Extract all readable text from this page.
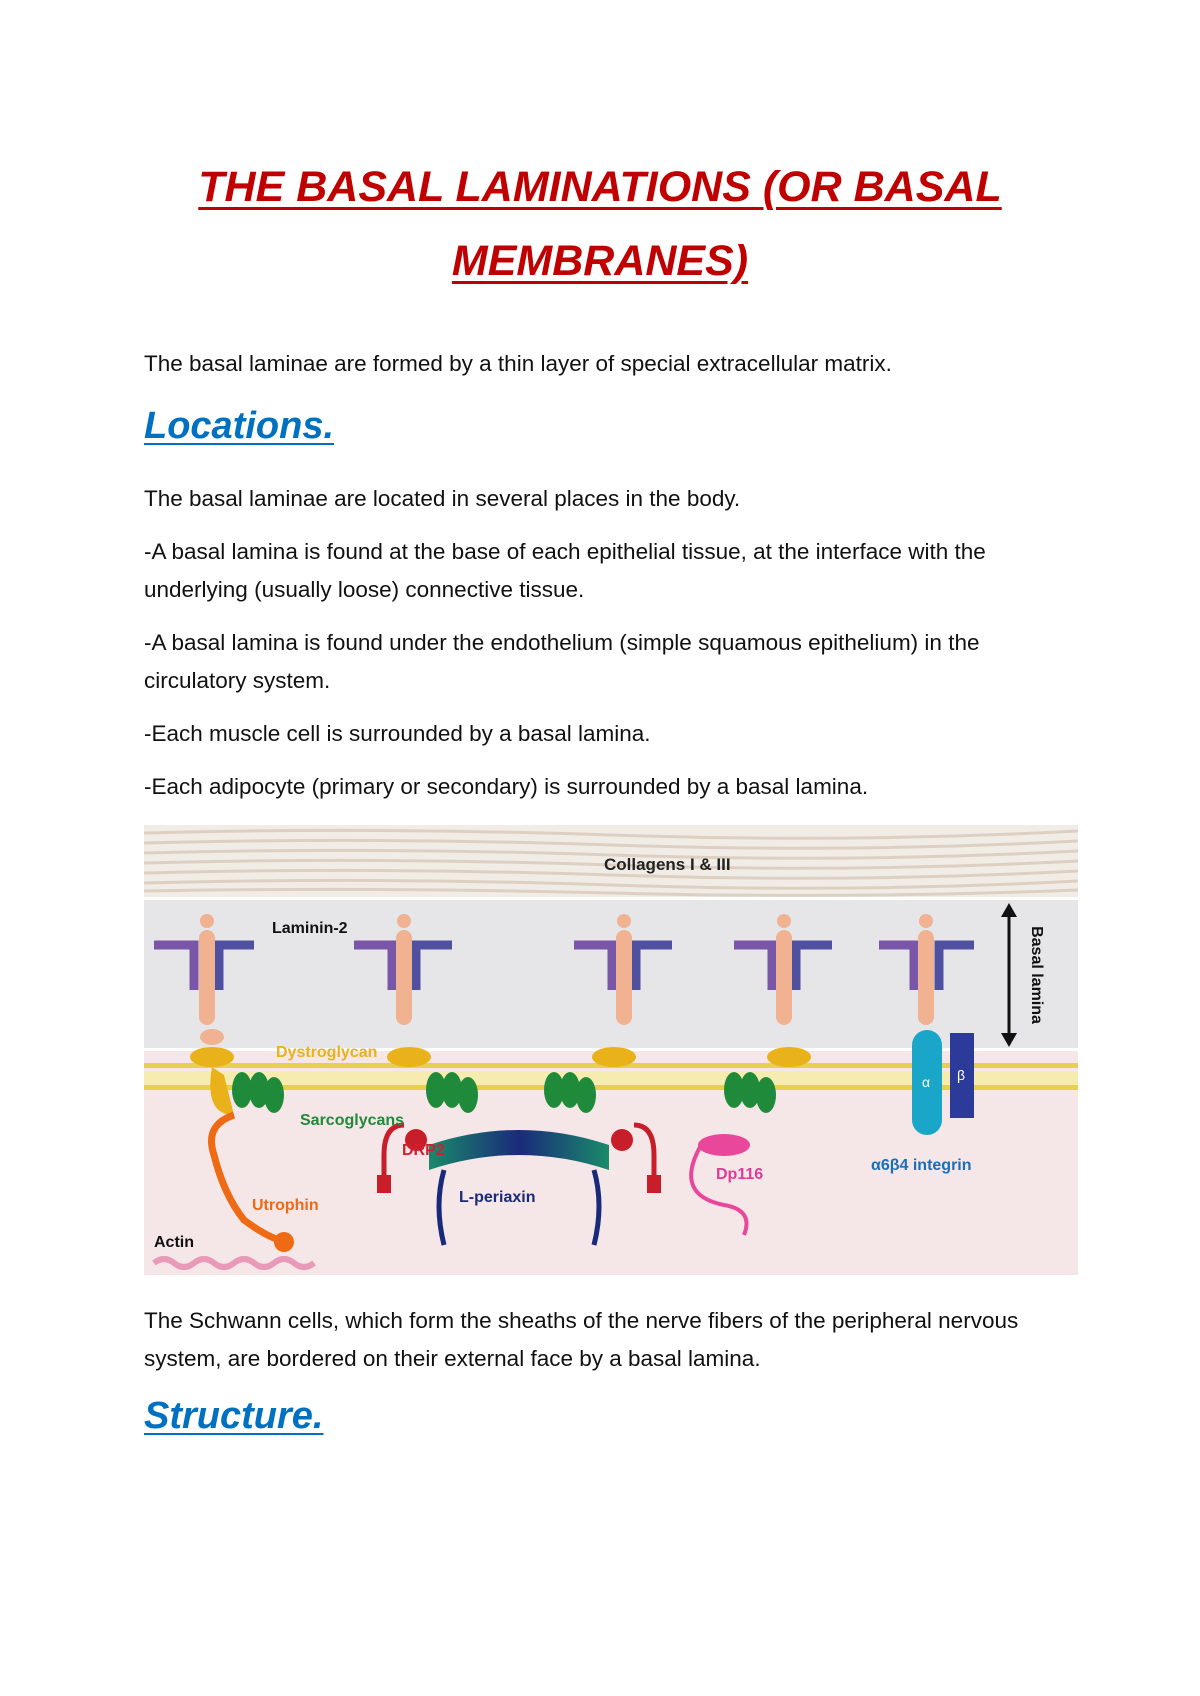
THE BASAL LAMINATIONS (OR BASAL
MEMBRANES)

The basal laminae are formed by a thin layer of special extracellular matrix.

Locations.

The basal laminae are located in several places in the body.

-A basal lamina is found at the base of each epithelial tissue, at the interface with the underlying (usually loose) connective tissue.

-A basal lamina is found under the endothelium (simple squamous epithelium) in the circulatory system.

-Each muscle cell is surrounded by a basal lamina.

-Each adipocyte (primary or secondary) is surrounded by a basal lamina.

Collagens I & III
α β
DRP2
L-periaxin
Dp116
Utrophin
Actin
Laminin-2
Dystroglycan
Sarcoglycans
α6β4 integrin
Basal lamina

The Schwann cells, which form the sheaths of the nerve fibers of the peripheral nervous system, are bordered on their external face by a basal lamina.

Structure.
